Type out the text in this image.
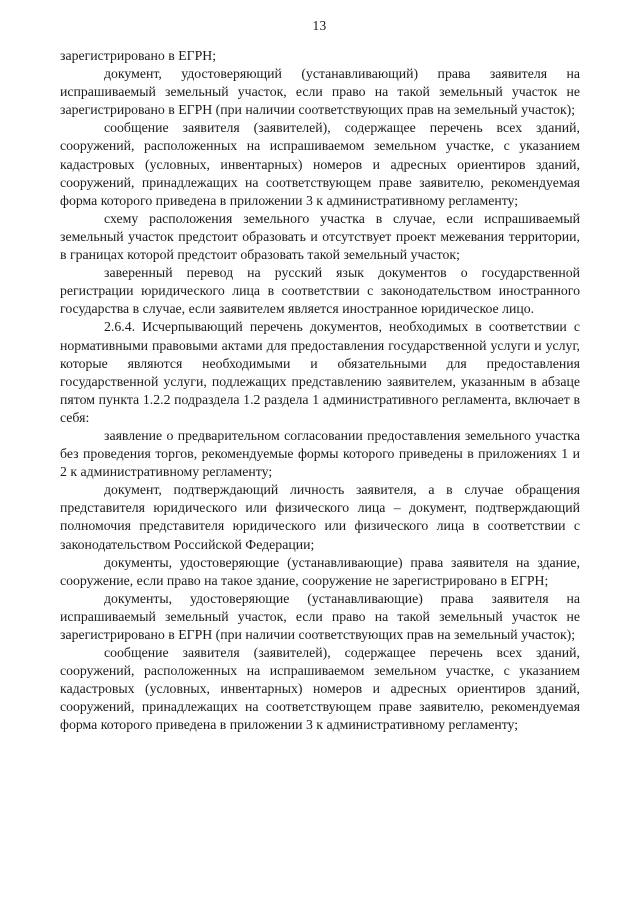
13

зарегистрировано в ЕГРН;

документ, удостоверяющий (устанавливающий) права заявителя на испрашиваемый земельный участок, если право на такой земельный участок не зарегистрировано в ЕГРН (при наличии соответствующих прав на земельный участок);

сообщение заявителя (заявителей), содержащее перечень всех зданий, сооружений, расположенных на испрашиваемом земельном участке, с указанием кадастровых (условных, инвентарных) номеров и адресных ориентиров зданий, сооружений, принадлежащих на соответствующем праве заявителю, рекомендуемая форма которого приведена в приложении 3 к административному регламенту;

схему расположения земельного участка в случае, если испрашиваемый земельный участок предстоит образовать и отсутствует проект межевания территории, в границах которой предстоит образовать такой земельный участок;

заверенный перевод на русский язык документов о государственной регистрации юридического лица в соответствии с законодательством иностранного государства в случае, если заявителем является иностранное юридическое лицо.

2.6.4. Исчерпывающий перечень документов, необходимых в соответствии с нормативными правовыми актами для предоставления государственной услуги и услуг, которые являются необходимыми и обязательными для предоставления государственной услуги, подлежащих представлению заявителем, указанным в абзаце пятом пункта 1.2.2 подраздела 1.2 раздела 1 административного регламента, включает в себя:

заявление о предварительном согласовании предоставления земельного участка без проведения торгов, рекомендуемые формы которого приведены в приложениях 1 и 2 к административному регламенту;

документ, подтверждающий личность заявителя, а в случае обращения представителя юридического или физического лица – документ, подтверждающий полномочия представителя юридического или физического лица в соответствии с законодательством Российской Федерации;

документы, удостоверяющие (устанавливающие) права заявителя на здание, сооружение, если право на такое здание, сооружение не зарегистрировано в ЕГРН;

документы, удостоверяющие (устанавливающие) права заявителя на испрашиваемый земельный участок, если право на такой земельный участок не зарегистрировано в ЕГРН (при наличии соответствующих прав на земельный участок);

сообщение заявителя (заявителей), содержащее перечень всех зданий, сооружений, расположенных на испрашиваемом земельном участке, с указанием кадастровых (условных, инвентарных) номеров и адресных ориентиров зданий, сооружений, принадлежащих на соответствующем праве заявителю, рекомендуемая форма которого приведена в приложении 3 к административному регламенту;
